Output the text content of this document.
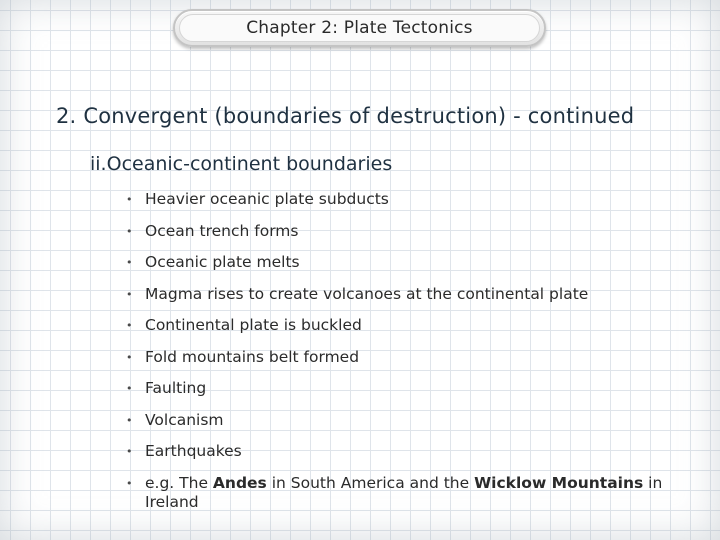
Chapter 2: Plate Tectonics
2. Convergent (boundaries of destruction) - continued
ii.Oceanic-continent boundaries
• Heavier oceanic plate subducts
• Ocean trench forms
• Oceanic plate melts
• Magma rises to create volcanoes at the continental plate
• Continental plate is buckled
• Fold mountains belt formed
• Faulting
• Volcanism
• Earthquakes
• e.g. The Andes in South America and the Wicklow Mountains in Ireland
